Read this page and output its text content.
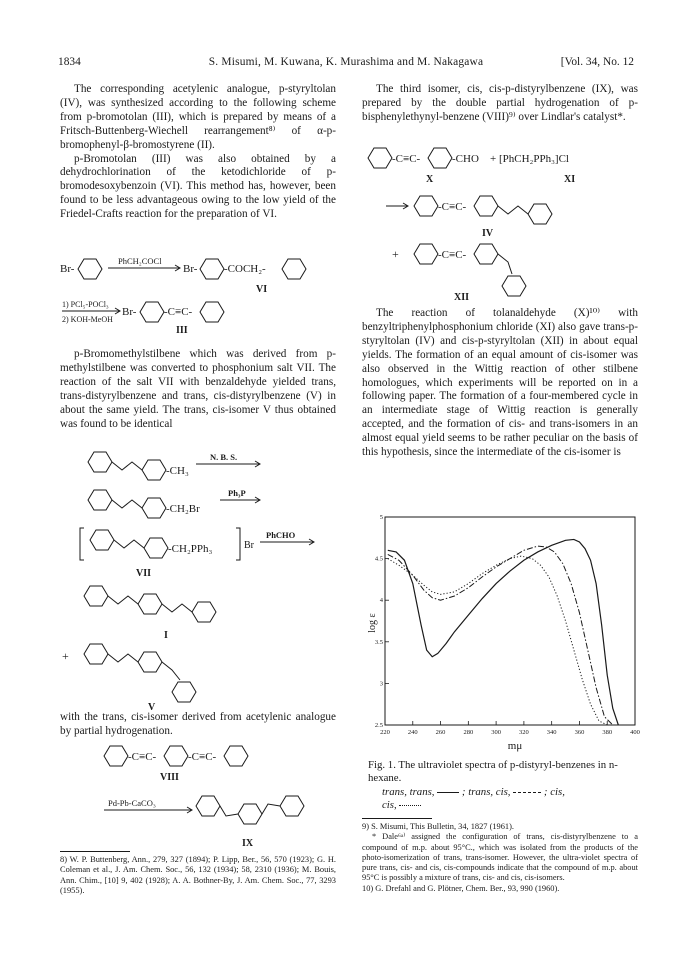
1834	S. Misumi, M. Kuwana, K. Murashima and M. Nakagawa	[Vol. 34, No. 12

The corresponding acetylenic analogue, p-styryltolan (IV), was synthesized according to the following scheme from p-bromotolan (III), which is prepared by means of a Fritsch-Buttenberg-Wiechell rearrangement⁸⁾ of α-p-bromophenyl-β-bromostyrene (II).

p-Bromotolan (III) was also obtained by a dehydrochlorination of the ketodichloride of p-bromodesoxybenzoin (VI). This method has, however, been found to be less advantageous owing to the low yield of the Friedel-Crafts reaction for the preparation of VI.

p-Bromomethylstilbene which was derived from p-methylstilbene was converted to phosphonium salt VII. The reaction of the salt VII with benzaldehyde yielded trans, trans-distyrylbenzene and trans, cis-distyrylbenzene (V) in about the same yield. The trans, cis-isomer V thus obtained was found to be identical

with the trans, cis-isomer derived from acetylenic analogue by partial hydrogenation.

The third isomer, cis, cis-p-distyrylbenzene (IX), was prepared by the double partial hydrogenation of p-bisphenylethynyl-benzene (VIII)⁹⁾ over Lindlar's catalyst*.

The reaction of tolanaldehyde (X)¹⁰⁾ with benzyltriphenylphosphonium chloride (XI) also gave trans-p-styryltolan (IV) and cis-p-styryltolan (XII) in about equal yields. The formation of an equal amount of cis-isomer was also observed in the Wittig reaction of other stilbene homologues, which experiments will be reported on in a following paper. The formation of a four-membered cycle in an intermediate stage of Wittig reaction is generally accepted, and the formation of cis- and trans-isomers in an almost equal yield seems to be rather peculiar on the basis of this hypothesis, since the intermediate of the cis-isomer is

Br-
PhCH₂COCl
Br- -COCH₂-
VI
1) PCl₅-POCl₃
2) KOH-MeOH
Br-	-C≡C-
III
-CH₃
N. B. S.
-CH₂Br
Ph₃P
-CH₂PPh₃	Br
PhCHO
VII
I
+
V
-C≡C-	-C≡C-
VIII
Pd-Pb-CaCO₃
IX
-C≡C-	-CHO + [PhCH₂PPh₃]Cl
X	XI
-C≡C-
IV
+	-C≡C-
XII
220	240	260	280	300	320	340	360	380	400
2.5
3
3.5
4
4.5
5
log ε
mμ
Fig. 1. The ultraviolet spectra of p-distyryl-benzenes in n-hexane.
trans, trans,	; trans, cis,	; cis,
cis,
8) W. P. Buttenberg, Ann., 279, 327 (1894); P. Lipp, Ber., 56, 570 (1923); G. H. Coleman et al., J. Am. Chem. Soc., 56, 132 (1934); 58, 2310 (1936); M. Bouis, Ann. Chim., [10] 9, 402 (1928); A. A. Bothner-By, J. Am. Chem. Soc., 77, 3293 (1955).
9) S. Misumi, This Bulletin, 34, 1827 (1961).
* Dale⁶ᵃ⁾ assigned the configuration of trans, cis-distyrylbenzene to a compound of m.p. about 95°C., which was isolated from the products of the photo-isomerization of trans, trans-isomer. However, the ultra-violet spectra of pure trans, cis- and cis, cis-compounds indicate that the compound of m.p. about 95°C is possibly a mixture of trans, cis- and cis, cis-isomers.
10) G. Drefahl and G. Plötner, Chem. Ber., 93, 990 (1960).
